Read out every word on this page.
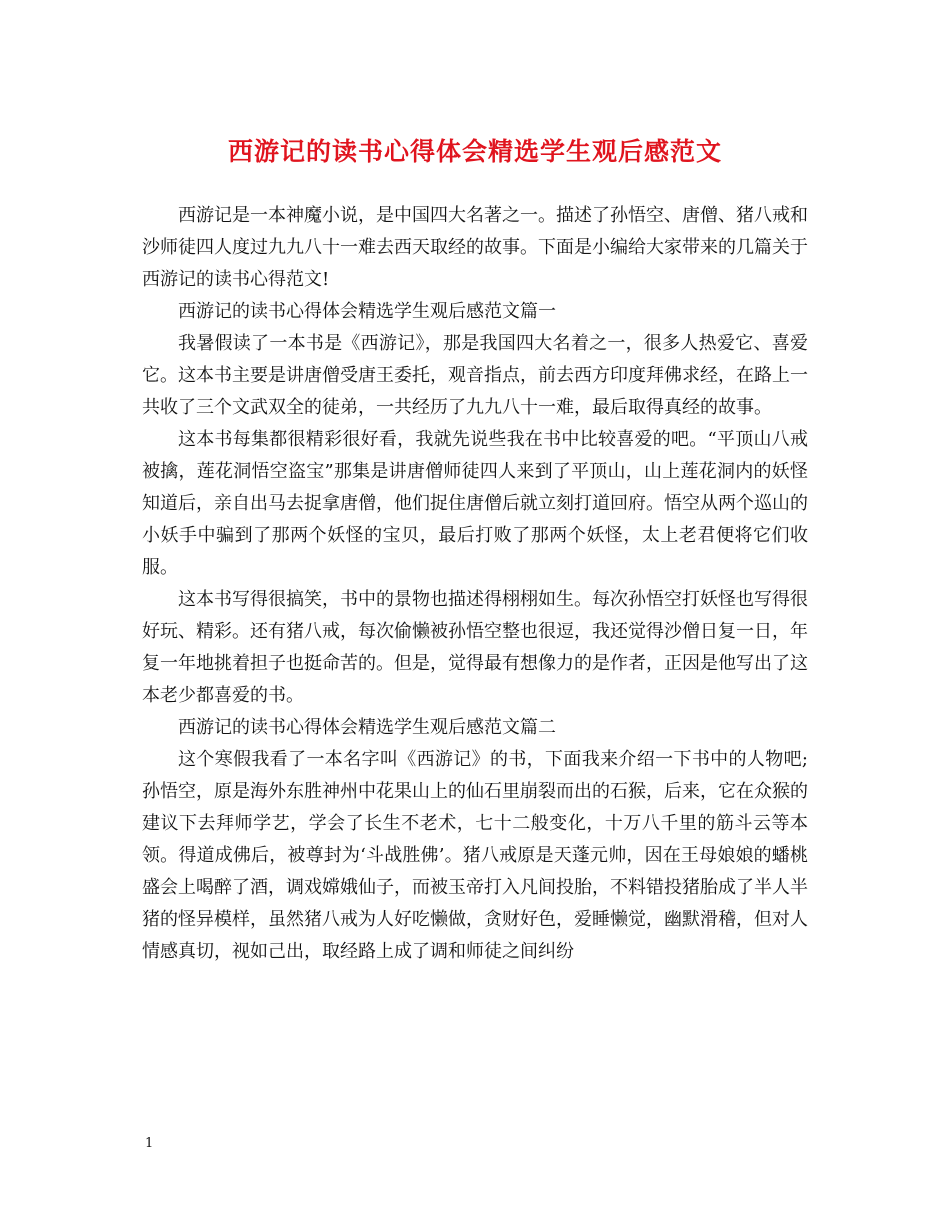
西游记的读书心得体会精选学生观后感范文

西游记是一本神魔小说，是中国四大名著之一。描述了孙悟空、唐僧、猪八戒和沙师徒四人度过九九八十一难去西天取经的故事。下面是小编给大家带来的几篇关于西游记的读书心得范文!

西游记的读书心得体会精选学生观后感范文篇一

我暑假读了一本书是《西游记》，那是我国四大名着之一，很多人热爱它、喜爱它。这本书主要是讲唐僧受唐王委托，观音指点，前去西方印度拜佛求经，在路上一共收了三个文武双全的徒弟，一共经历了九九八十一难，最后取得真经的故事。

这本书每集都很精彩很好看，我就先说些我在书中比较喜爱的吧。“平顶山八戒被擒，莲花洞悟空盗宝”那集是讲唐僧师徒四人来到了平顶山，山上莲花洞内的妖怪知道后，亲自出马去捉拿唐僧，他们捉住唐僧后就立刻打道回府。悟空从两个巡山的小妖手中骗到了那两个妖怪的宝贝，最后打败了那两个妖怪，太上老君便将它们收服。

这本书写得很搞笑，书中的景物也描述得栩栩如生。每次孙悟空打妖怪也写得很好玩、精彩。还有猪八戒，每次偷懒被孙悟空整也很逗，我还觉得沙僧日复一日，年复一年地挑着担子也挺命苦的。但是，觉得最有想像力的是作者，正因是他写出了这本老少都喜爱的书。

西游记的读书心得体会精选学生观后感范文篇二

这个寒假我看了一本名字叫《西游记》的书，下面我来介绍一下书中的人物吧;孙悟空，原是海外东胜神州中花果山上的仙石里崩裂而出的石猴，后来，它在众猴的建议下去拜师学艺，学会了长生不老术，七十二般变化，十万八千里的筋斗云等本领。得道成佛后，被尊封为‘斗战胜佛’。猪八戒原是天蓬元帅，因在王母娘娘的蟠桃盛会上喝醉了酒，调戏嫦娥仙子，而被玉帝打入凡间投胎，不料错投猪胎成了半人半猪的怪异模样，虽然猪八戒为人好吃懒做，贪财好色，爱睡懒觉，幽默滑稽，但对人情感真切，视如己出，取经路上成了调和师徒之间纠纷

1
